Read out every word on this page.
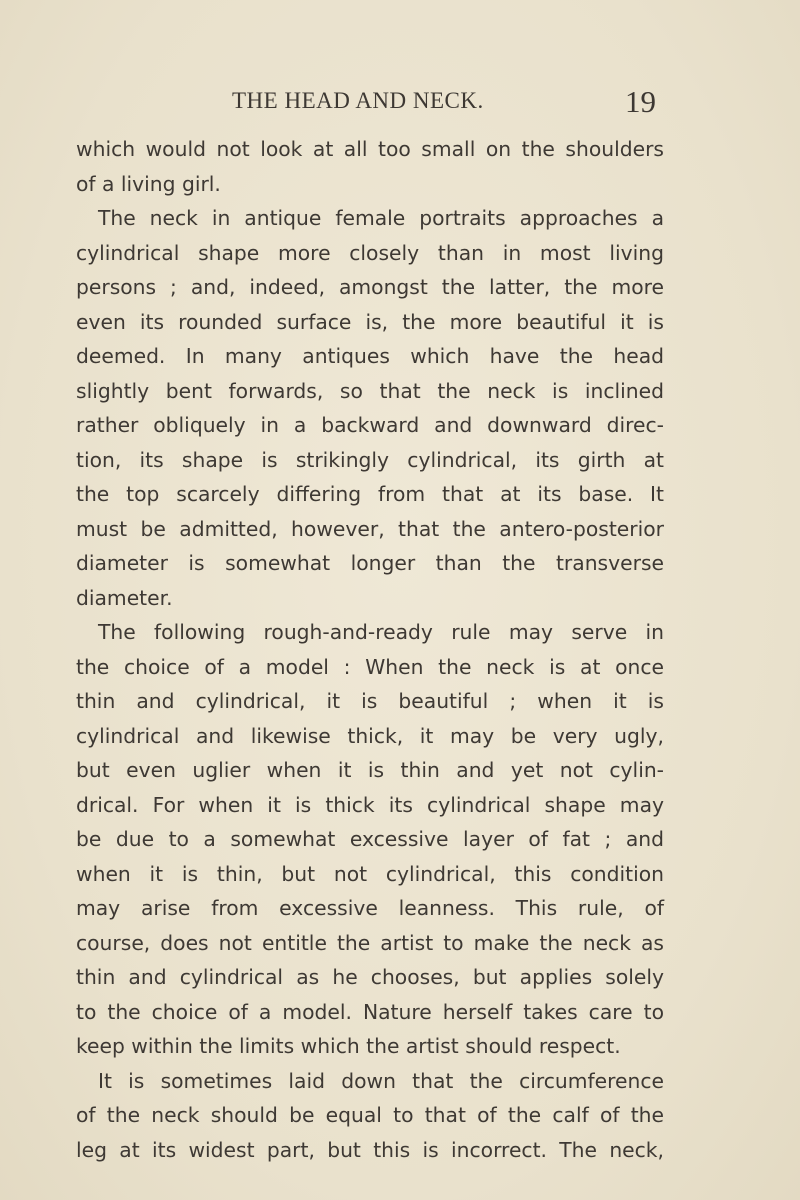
THE HEAD AND NECK.	19
which would not look at all too small on the shoulders
of a living girl.
The neck in antique female portraits approaches a
cylindrical shape more closely than in most living
persons ; and, indeed, amongst the latter, the more
even its rounded surface is, the more beautiful it is
deemed. In many antiques which have the head
slightly bent forwards, so that the neck is inclined
rather obliquely in a backward and downward direc-
tion, its shape is strikingly cylindrical, its girth at
the top scarcely differing from that at its base. It
must be admitted, however, that the antero-posterior
diameter is somewhat longer than the transverse
diameter.
The following rough-and-ready rule may serve in
the choice of a model : When the neck is at once
thin and cylindrical, it is beautiful ; when it is
cylindrical and likewise thick, it may be very ugly,
but even uglier when it is thin and yet not cylin-
drical. For when it is thick its cylindrical shape may
be due to a somewhat excessive layer of fat ; and
when it is thin, but not cylindrical, this condition
may arise from excessive leanness. This rule, of
course, does not entitle the artist to make the neck as
thin and cylindrical as he chooses, but applies solely
to the choice of a model. Nature herself takes care to
keep within the limits which the artist should respect.
It is sometimes laid down that the circumference
of the neck should be equal to that of the calf of the
leg at its widest part, but this is incorrect. The neck,
